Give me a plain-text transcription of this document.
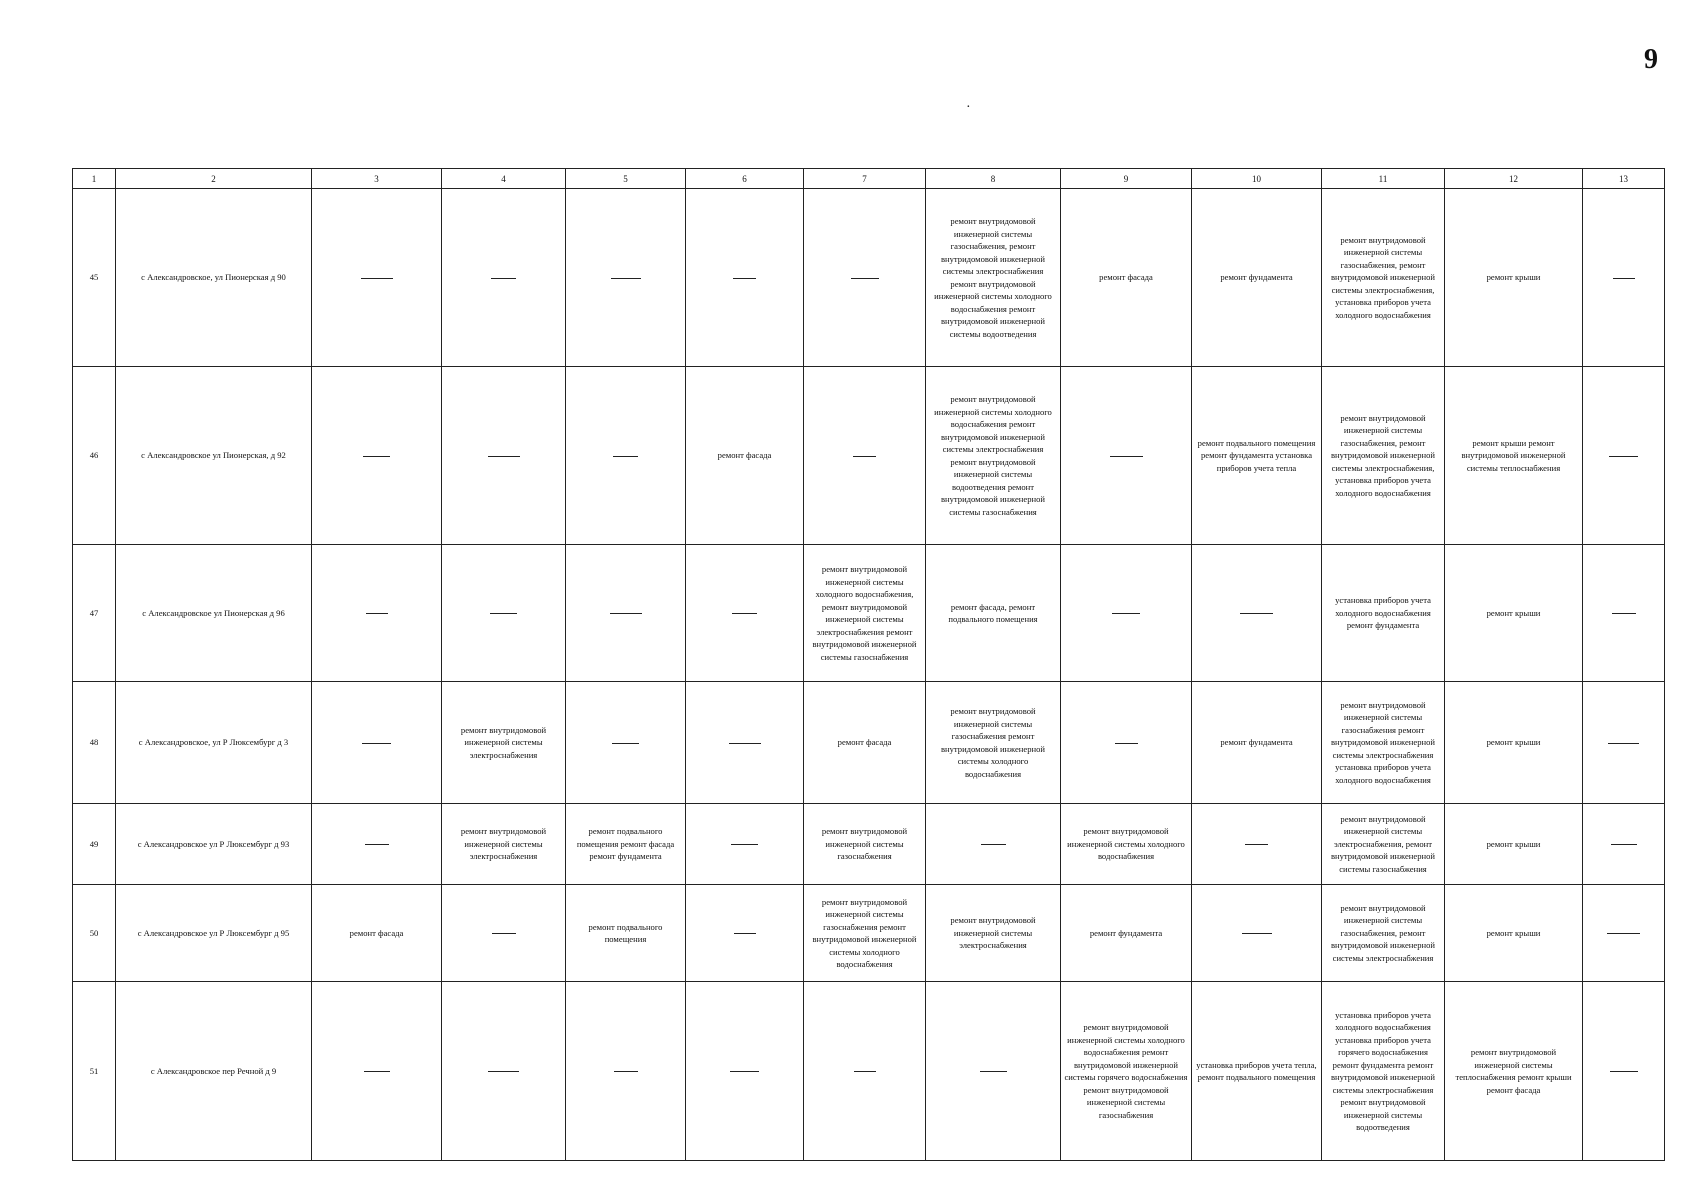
9
·
1	2	3	4	5	6	7	8	9	10	11	12	13
45	с Александровское, ул Пионерская д 90						ремонт внутридомовой инженерной системы газоснабжения, ремонт внутридомовой инженерной системы электроснабжения ремонт внутридомовой инженерной системы холодного водоснабжения ремонт внутридомовой инженерной системы водоотведения	ремонт фасада	ремонт фундамента	ремонт внутридомовой инженерной системы газоснабжения, ремонт внутридомовой инженерной системы электроснабжения, установка приборов учета холодного водоснабжения	ремонт крыши	
46	с Александровское ул Пионерская, д 92				ремонт фасада		ремонт внутридомовой инженерной системы холодного водоснабжения ремонт внутридомовой инженерной системы электроснабжения ремонт внутридомовой инженерной системы водоотведения ремонт внутридомовой инженерной системы газоснабжения		ремонт подвального помещения ремонт фундамента установка приборов учета тепла	ремонт внутридомовой инженерной системы газоснабжения, ремонт внутридомовой инженерной системы электроснабжения, установка приборов учета холодного водоснабжения	ремонт крыши ремонт внутридомовой инженерной системы теплоснабжения	
47	с Александровское ул Пионерская д 96					ремонт внутридомовой инженерной системы холодного водоснабжения, ремонт внутридомовой инженерной системы электроснабжения ремонт внутридомовой инженерной системы газоснабжения	ремонт фасада, ремонт подвального помещения			установка приборов учета холодного водоснабжения ремонт фундамента	ремонт крыши	
48	с Александровское, ул Р Люксембург д 3		ремонт внутридомовой инженерной системы электроснабжения			ремонт фасада	ремонт внутридомовой инженерной системы газоснабжения ремонт внутридомовой инженерной системы холодного водоснабжения		ремонт фундамента	ремонт внутридомовой инженерной системы газоснабжения ремонт внутридомовой инженерной системы электроснабжения установка приборов учета холодного водоснабжения	ремонт крыши	
49	с Александровское ул Р Люксембург д 93		ремонт внутридомовой инженерной системы электроснабжения	ремонт подвального помещения ремонт фасада ремонт фундамента		ремонт внутридомовой инженерной системы газоснабжения		ремонт внутридомовой инженерной системы холодного водоснабжения		ремонт внутридомовой инженерной системы электроснабжения, ремонт внутридомовой инженерной системы газоснабжения	ремонт крыши	
50	с Александровское ул Р Люксембург д 95	ремонт фасада		ремонт подвального помещения		ремонт внутридомовой инженерной системы газоснабжения ремонт внутридомовой инженерной системы холодного водоснабжения	ремонт внутридомовой инженерной системы электроснабжения	ремонт фундамента		ремонт внутридомовой инженерной системы газоснабжения, ремонт внутридомовой инженерной системы электроснабжения	ремонт крыши	
51	с Александровское пер Речной д 9							ремонт внутридомовой инженерной системы холодного водоснабжения ремонт внутридомовой инженерной системы горячего водоснабжения ремонт внутридомовой инженерной системы газоснабжения	установка приборов учета тепла, ремонт подвального помещения	установка приборов учета холодного водоснабжения установка приборов учета горячего водоснабжения ремонт фундамента ремонт внутридомовой инженерной системы электроснабжения ремонт внутридомовой инженерной системы водоотведения	ремонт внутридомовой инженерной системы теплоснабжения ремонт крыши ремонт фасада	
